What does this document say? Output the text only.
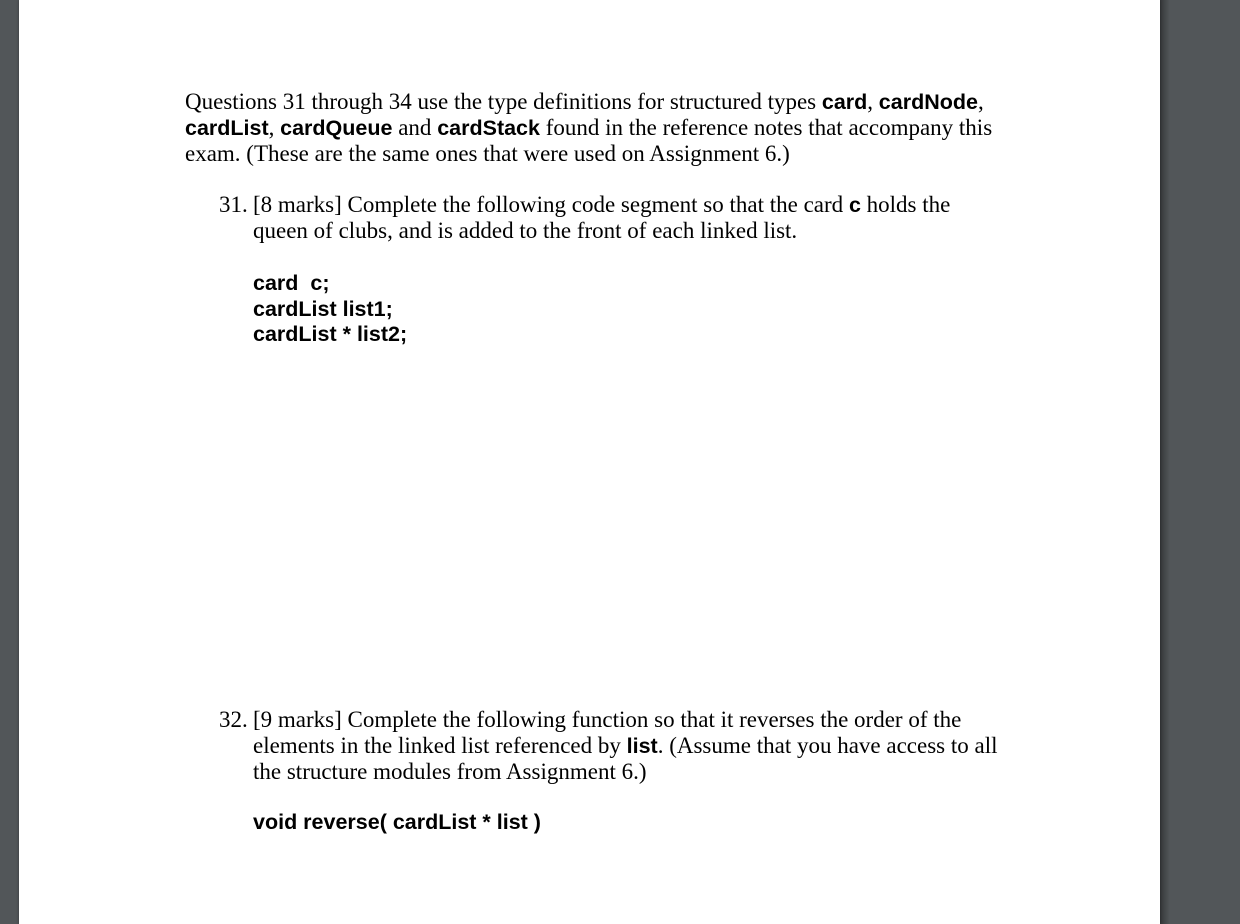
Questions 31 through 34 use the type definitions for structured types card, cardNode, cardList, cardQueue and cardStack found in the reference notes that accompany this exam. (These are the same ones that were used on Assignment 6.)

31. [8 marks] Complete the following code segment so that the card c holds the queen of clubs, and is added to the front of each linked list.

card  c;
cardList list1;
cardList * list2;
32. [9 marks] Complete the following function so that it reverses the order of the elements in the linked list referenced by list. (Assume that you have access to all the structure modules from Assignment 6.)

void reverse( cardList * list )
